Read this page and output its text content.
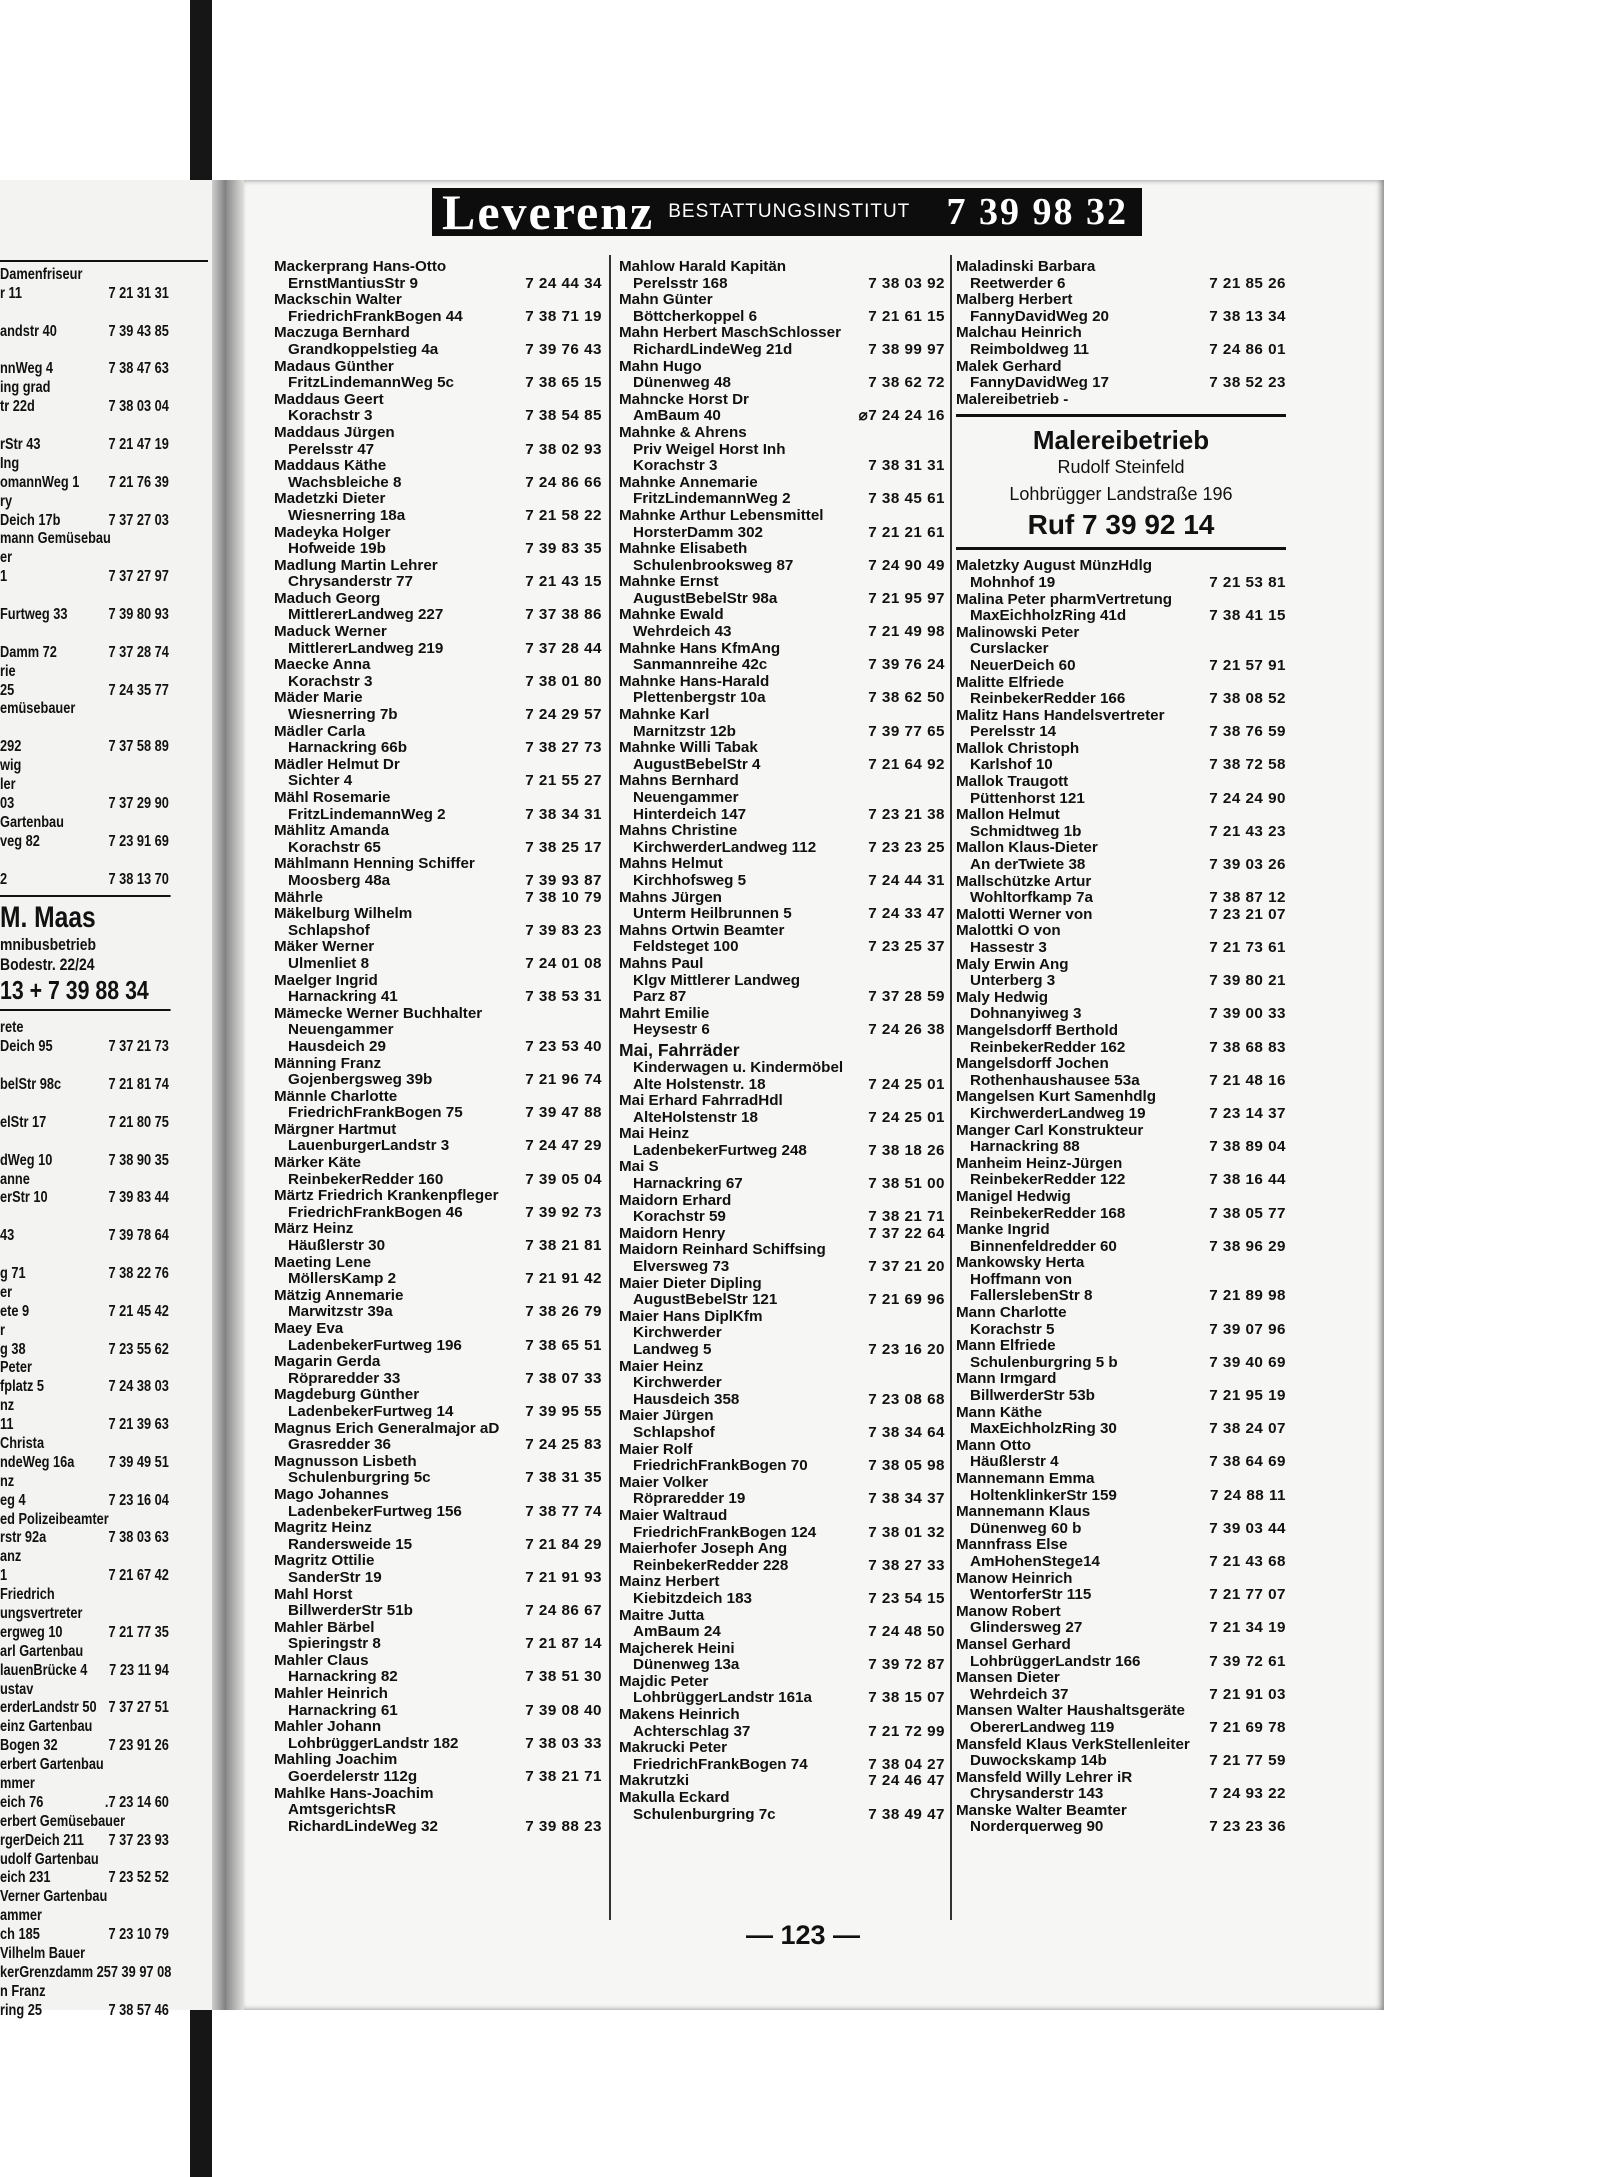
Damenfriseur
r 11	7 21 31 31
andstr 40	7 39 43 85
nnWeg 4	7 38 47 63
ing grad
tr 22d	7 38 03 04
rStr 43	7 21 47 19
Ing
omannWeg 1 7 21 76 39
ry
Deich 17b	7 37 27 03
mann Gemüsebau
er
1	7 37 27 97
Furtweg 33	7 39 80 93
Damm 72	7 37 28 74
rie
25	7 24 35 77
emüsebauer
292	7 37 58 89
wig
ler
03	7 37 29 90
Gartenbau
veg 82	7 23 91 69
2	7 38 13 70
M. Maas
mnibusbetrieb
Bodestr. 22/24
13 + 7 39 88 34
rete
Deich 95	7 37 21 73
belStr 98c	7 21 81 74
elStr 17	7 21 80 75
dWeg 10	7 38 90 35
anne
erStr 10	7 39 83 44
43	7 39 78 64
g 71	7 38 22 76
er
ete 9	7 21 45 42
r
g 38	7 23 55 62
Peter
fplatz 5	7 24 38 03
nz
11	7 21 39 63
Christa
ndeWeg 16a 7 39 49 51
nz
eg 4	7 23 16 04
ed Polizeibeamter
rstr 92a	7 38 03 63
anz
1	7 21 67 42
Friedrich
ungsvertreter
ergweg 10	7 21 77 35
arl Gartenbau
lauenBrücke 4 7 23 11 94
ustav
erderLandstr 50 7 37 27 51
einz Gartenbau
Bogen 32	7 23 91 26
erbert Gartenbau
mmer
eich 76	.7 23 14 60
erbert Gemüsebauer
rgerDeich 211 7 37 23 93
udolf Gartenbau
eich 231	7 23 52 52
Verner Gartenbau
ammer
ch 185	7 23 10 79
Vilhelm Bauer
kerGrenzdamm 25 7 39 97 08
n Franz
ring 25	7 38 57 46
Leverenz BESTATTUNGSINSTITUT 7 39 98 32
Mackerprang Hans-Otto
ErnstMantiusStr 9	7 24 44 34
Mackschin Walter
FriedrichFrankBogen 44	7 38 71 19
Maczuga Bernhard
Grandkoppelstieg 4a	7 39 76 43
Madaus Günther
FritzLindemannWeg 5c	7 38 65 15
Maddaus Geert
Korachstr 3	7 38 54 85
Maddaus Jürgen
Perelsstr 47	7 38 02 93
Maddaus Käthe
Wachsbleiche 8	7 24 86 66
Madetzki Dieter
Wiesnerring 18a	7 21 58 22
Madeyka Holger
Hofweide 19b	7 39 83 35
Madlung Martin Lehrer
Chrysanderstr 77	7 21 43 15
Maduch Georg
MittlererLandweg 227	7 37 38 86
Maduck Werner
MittlererLandweg 219	7 37 28 44
Maecke Anna
Korachstr 3	7 38 01 80
Mäder Marie
Wiesnerring 7b	7 24 29 57
Mädler Carla
Harnackring 66b	7 38 27 73
Mädler Helmut Dr
Sichter 4	7 21 55 27
Mähl Rosemarie
FritzLindemannWeg 2	7 38 34 31
Mählitz Amanda
Korachstr 65	7 38 25 17
Mählmann Henning Schiffer
Moosberg 48a	7 39 93 87
Mährle	7 38 10 79
Mäkelburg Wilhelm
Schlapshof	7 39 83 23
Mäker Werner
Ulmenliet 8	7 24 01 08
Maelger Ingrid
Harnackring 41	7 38 53 31
Mämecke Werner Buchhalter
Neuengammer
Hausdeich 29	7 23 53 40
Männing Franz
Gojenbergsweg 39b	7 21 96 74
Männle Charlotte
FriedrichFrankBogen 75	7 39 47 88
Märgner Hartmut
LauenburgerLandstr 3	7 24 47 29
Märker Käte
ReinbekerRedder 160	7 39 05 04
Märtz Friedrich Krankenpfleger
FriedrichFrankBogen 46	7 39 92 73
März Heinz
Häußlerstr 30	7 38 21 81
Maeting Lene
MöllersKamp 2	7 21 91 42
Mätzig Annemarie
Marwitzstr 39a	7 38 26 79
Maey Eva
LadenbekerFurtweg 196	7 38 65 51
Magarin Gerda
Röpraredder 33	7 38 07 33
Magdeburg Günther
LadenbekerFurtweg 14	7 39 95 55
Magnus Erich Generalmajor aD
Grasredder 36	7 24 25 83
Magnusson Lisbeth
Schulenburgring 5c	7 38 31 35
Mago Johannes
LadenbekerFurtweg 156	7 38 77 74
Magritz Heinz
Randersweide 15	7 21 84 29
Magritz Ottilie
SanderStr 19	7 21 91 93
Mahl Horst
BillwerderStr 51b	7 24 86 67
Mahler Bärbel
Spieringstr 8	7 21 87 14
Mahler Claus
Harnackring 82	7 38 51 30
Mahler Heinrich
Harnackring 61	7 39 08 40
Mahler Johann
LohbrüggerLandstr 182	7 38 03 33
Mahling Joachim
Goerdelerstr 112g	7 38 21 71
Mahlke Hans-Joachim
AmtsgerichtsR
RichardLindeWeg 32	7 39 88 23
Mahlow Harald Kapitän
Perelsstr 168	7 38 03 92
Mahn Günter
Böttcherkoppel 6	7 21 61 15
Mahn Herbert MaschSchlosser
RichardLindeWeg 21d	7 38 99 97
Mahn Hugo
Dünenweg 48	7 38 62 72
Mahncke Horst Dr
AmBaum 40	⌀7 24 24 16
Mahnke & Ahrens
Priv Weigel Horst Inh
Korachstr 3	7 38 31 31
Mahnke Annemarie
FritzLindemannWeg 2	7 38 45 61
Mahnke Arthur Lebensmittel
HorsterDamm 302	7 21 21 61
Mahnke Elisabeth
Schulenbrooksweg 87	7 24 90 49
Mahnke Ernst
AugustBebelStr 98a	7 21 95 97
Mahnke Ewald
Wehrdeich 43	7 21 49 98
Mahnke Hans KfmAng
Sanmannreihe 42c	7 39 76 24
Mahnke Hans-Harald
Plettenbergstr 10a	7 38 62 50
Mahnke Karl
Marnitzstr 12b	7 39 77 65
Mahnke Willi Tabak
AugustBebelStr 4	7 21 64 92
Mahns Bernhard
Neuengammer
Hinterdeich 147	7 23 21 38
Mahns Christine
KirchwerderLandweg 112	7 23 23 25
Mahns Helmut
Kirchhofsweg 5	7 24 44 31
Mahns Jürgen
Unterm Heilbrunnen 5	7 24 33 47
Mahns Ortwin Beamter
Feldsteget 100	7 23 25 37
Mahns Paul
Klgv Mittlerer Landweg
Parz 87	7 37 28 59
Mahrt Emilie
Heysestr 6	7 24 26 38
Mai, Fahrräder
Kinderwagen u. Kindermöbel
Alte Holstenstr. 18	7 24 25 01
Mai Erhard FahrradHdl
AlteHolstenstr 18	7 24 25 01
Mai Heinz
LadenbekerFurtweg 248	7 38 18 26
Mai S
Harnackring 67	7 38 51 00
Maidorn Erhard
Korachstr 59	7 38 21 71
Maidorn Henry	7 37 22 64
Maidorn Reinhard Schiffsing
Elversweg 73	7 37 21 20
Maier Dieter Dipling
AugustBebelStr 121	7 21 69 96
Maier Hans DiplKfm
Kirchwerder
Landweg 5	7 23 16 20
Maier Heinz
Kirchwerder
Hausdeich 358	7 23 08 68
Maier Jürgen
Schlapshof	7 38 34 64
Maier Rolf
FriedrichFrankBogen 70	7 38 05 98
Maier Volker
Röpraredder 19	7 38 34 37
Maier Waltraud
FriedrichFrankBogen 124	7 38 01 32
Maierhofer Joseph Ang
ReinbekerRedder 228	7 38 27 33
Mainz Herbert
Kiebitzdeich 183	7 23 54 15
Maitre Jutta
AmBaum 24	7 24 48 50
Majcherek Heini
Dünenweg 13a	7 39 72 87
Majdic Peter
LohbrüggerLandstr 161a	7 38 15 07
Makens Heinrich
Achterschlag 37	7 21 72 99
Makrucki Peter
FriedrichFrankBogen 74	7 38 04 27
Makrutzki	7 24 46 47
Makulla Eckard
Schulenburgring 7c	7 38 49 47
Maladinski Barbara
Reetwerder 6	7 21 85 26
Malberg Herbert
FannyDavidWeg 20	7 38 13 34
Malchau Heinrich
Reimboldweg 11	7 24 86 01
Malek Gerhard
FannyDavidWeg 17	7 38 52 23
Malereibetrieb -
Malereibetrieb
Rudolf Steinfeld
Lohbrügger Landstraße 196
Ruf 7 39 92 14
Maletzky August MünzHdlg
Mohnhof 19	7 21 53 81
Malina Peter pharmVertretung
MaxEichholzRing 41d	7 38 41 15
Malinowski Peter
Curslacker
NeuerDeich 60	7 21 57 91
Malitte Elfriede
ReinbekerRedder 166	7 38 08 52
Malitz Hans Handelsvertreter
Perelsstr 14	7 38 76 59
Mallok Christoph
Karlshof 10	7 38 72 58
Mallok Traugott
Püttenhorst 121	7 24 24 90
Mallon Helmut
Schmidtweg 1b	7 21 43 23
Mallon Klaus-Dieter
An derTwiete 38	7 39 03 26
Mallschützke Artur
Wohltorfkamp 7a	7 38 87 12
Malotti Werner von	7 23 21 07
Malottki O von
Hassestr 3	7 21 73 61
Maly Erwin Ang
Unterberg 3	7 39 80 21
Maly Hedwig
Dohnanyiweg 3	7 39 00 33
Mangelsdorff Berthold
ReinbekerRedder 162	7 38 68 83
Mangelsdorff Jochen
Rothenhaushausee 53a	7 21 48 16
Mangelsen Kurt Samenhdlg
KirchwerderLandweg 19	7 23 14 37
Manger Carl Konstrukteur
Harnackring 88	7 38 89 04
Manheim Heinz-Jürgen
ReinbekerRedder 122	7 38 16 44
Manigel Hedwig
ReinbekerRedder 168	7 38 05 77
Manke Ingrid
Binnenfeldredder 60	7 38 96 29
Mankowsky Herta
Hoffmann von
FallerslebenStr 8	7 21 89 98
Mann Charlotte
Korachstr 5	7 39 07 96
Mann Elfriede
Schulenburgring 5 b	7 39 40 69
Mann Irmgard
BillwerderStr 53b	7 21 95 19
Mann Käthe
MaxEichholzRing 30	7 38 24 07
Mann Otto
Häußlerstr 4	7 38 64 69
Mannemann Emma
HoltenklinkerStr 159	7 24 88 11
Mannemann Klaus
Dünenweg 60 b	7 39 03 44
Mannfrass Else
AmHohenStege14	7 21 43 68
Manow Heinrich
WentorferStr 115	7 21 77 07
Manow Robert
Glindersweg 27	7 21 34 19
Mansel Gerhard
LohbrüggerLandstr 166	7 39 72 61
Mansen Dieter
Wehrdeich 37	7 21 91 03
Mansen Walter Haushaltsgeräte
ObererLandweg 119	7 21 69 78
Mansfeld Klaus VerkStellenleiter
Duwockskamp 14b	7 21 77 59
Mansfeld Willy Lehrer iR
Chrysanderstr 143	7 24 93 22
Manske Walter Beamter
Norderquerweg 90	7 23 23 36
— 123 —
